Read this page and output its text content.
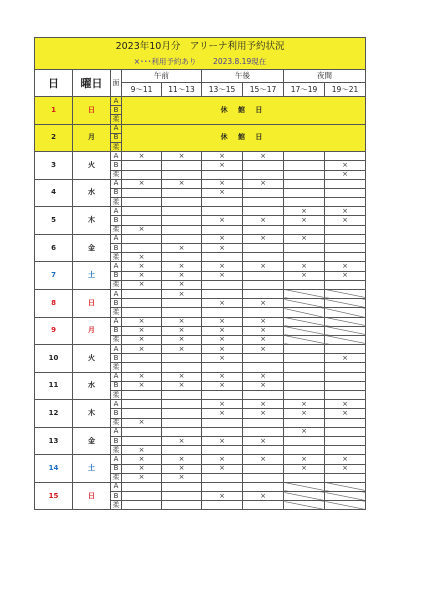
2023年10月分　アリーナ利用予約状況								
×･･･利用予約あり 2023.8.19現在								
日	曜日	面	午前		午後		夜間	
			9～11	11～13	13～15	15～17	17～19	19～21
1	日	A	休 館 日					
		B						
		柔						
2	月	A	休 館 日					
		B						
		柔						
3	火	A	×	×	×	×		
		B			×			×
		柔						×
4	水	A	×	×	×	×		
		B			×			
		柔						
5	木	A					×	×
		B			×	×	×	×
		柔	×					
6	金	A			×	×	×	
		B		×	×			
		柔	×					
7	土	A	×	×	×	×	×	×
		B	×	×	×		×	×
		柔	×	×				
8	日	A		×				
		B			×	×		
		柔						
9	月	A	×	×	×	×		
		B	×	×	×	×		
		柔	×	×	×	×		
10	火	A	×	×	×	×		
		B			×			×
		柔						
11	水	A	×	×	×	×		
		B	×	×	×	×		
		柔						
12	木	A			×	×	×	×
		B			×	×	×	×
		柔	×					
13	金	A					×	
		B		×	×	×		
		柔	×					
14	土	A	×	×	×	×	×	×
		B	×	×	×		×	×
		柔	×	×				
15	日	A						
		B			×	×		
		柔						
